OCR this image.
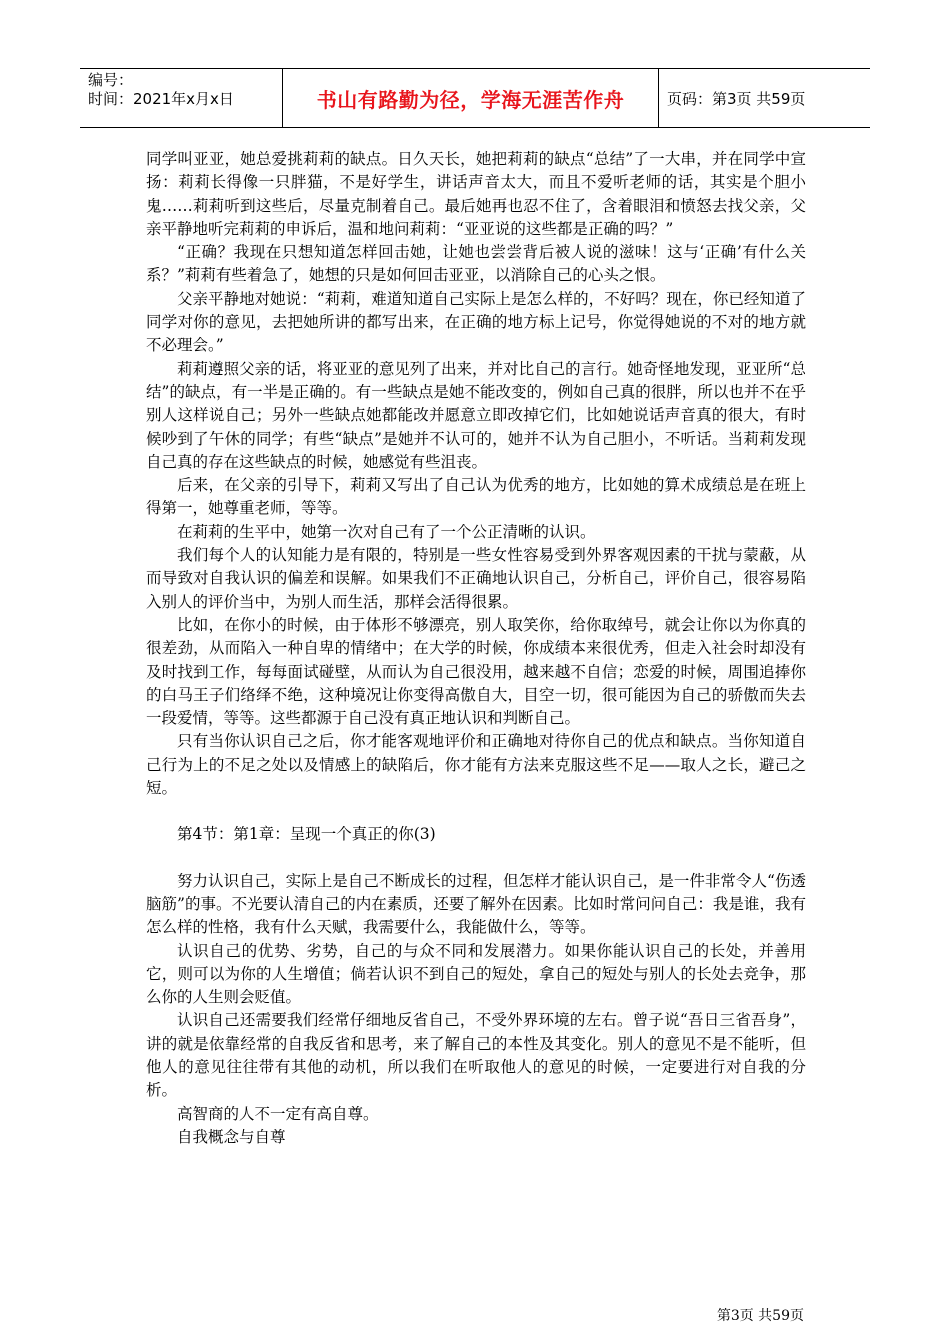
编号：
时间：2021年x月x日	书山有路勤为径，学海无涯苦作舟	页码：第3页 共59页

同学叫亚亚，她总爱挑莉莉的缺点。日久天长，她把莉莉的缺点“总结”了一大串，并在同学中宣扬：莉莉长得像一只胖猫，不是好学生，讲话声音太大，而且不爱听老师的话，其实是个胆小鬼……莉莉听到这些后，尽量克制着自己。最后她再也忍不住了，含着眼泪和愤怒去找父亲，父亲平静地听完莉莉的申诉后，温和地问莉莉：“亚亚说的这些都是正确的吗？”

“正确？我现在只想知道怎样回击她，让她也尝尝背后被人说的滋味！这与‘正确’有什么关系？”莉莉有些着急了，她想的只是如何回击亚亚，以消除自己的心头之恨。

父亲平静地对她说：“莉莉，难道知道自己实际上是怎么样的，不好吗？现在，你已经知道了同学对你的意见，去把她所讲的都写出来，在正确的地方标上记号，你觉得她说的不对的地方就不必理会。”

莉莉遵照父亲的话，将亚亚的意见列了出来，并对比自己的言行。她奇怪地发现，亚亚所“总结”的缺点，有一半是正确的。有一些缺点是她不能改变的，例如自己真的很胖，所以也并不在乎别人这样说自己；另外一些缺点她都能改并愿意立即改掉它们，比如她说话声音真的很大，有时候吵到了午休的同学；有些“缺点”是她并不认可的，她并不认为自己胆小，不听话。当莉莉发现自己真的存在这些缺点的时候，她感觉有些沮丧。

后来，在父亲的引导下，莉莉又写出了自己认为优秀的地方，比如她的算术成绩总是在班上得第一，她尊重老师，等等。

在莉莉的生平中，她第一次对自己有了一个公正清晰的认识。

我们每个人的认知能力是有限的，特别是一些女性容易受到外界客观因素的干扰与蒙蔽，从而导致对自我认识的偏差和误解。如果我们不正确地认识自己，分析自己，评价自己，很容易陷入别人的评价当中，为别人而生活，那样会活得很累。

比如，在你小的时候，由于体形不够漂亮，别人取笑你，给你取绰号，就会让你以为你真的很差劲，从而陷入一种自卑的情绪中；在大学的时候，你成绩本来很优秀，但走入社会时却没有及时找到工作，每每面试碰壁，从而认为自己很没用，越来越不自信；恋爱的时候，周围追捧你的白马王子们络绎不绝，这种境况让你变得高傲自大，目空一切，很可能因为自己的骄傲而失去一段爱情，等等。这些都源于自己没有真正地认识和判断自己。

只有当你认识自己之后，你才能客观地评价和正确地对待你自己的优点和缺点。当你知道自己行为上的不足之处以及情感上的缺陷后，你才能有方法来克服这些不足——取人之长，避己之短。

第4节：第1章：呈现一个真正的你(3)

努力认识自己，实际上是自己不断成长的过程，但怎样才能认识自己，是一件非常令人“伤透脑筋”的事。不光要认清自己的内在素质，还要了解外在因素。比如时常问问自己：我是谁，我有怎么样的性格，我有什么天赋，我需要什么，我能做什么，等等。

认识自己的优势、劣势，自己的与众不同和发展潜力。如果你能认识自己的长处，并善用它，则可以为你的人生增值；倘若认识不到自己的短处，拿自己的短处与别人的长处去竞争，那么你的人生则会贬值。

认识自己还需要我们经常仔细地反省自己，不受外界环境的左右。曾子说“吾日三省吾身”，讲的就是依靠经常的自我反省和思考，来了解自己的本性及其变化。别人的意见不是不能听，但他人的意见往往带有其他的动机，所以我们在听取他人的意见的时候，一定要进行对自我的分析。

高智商的人不一定有高自尊。

自我概念与自尊

第3页 共59页
